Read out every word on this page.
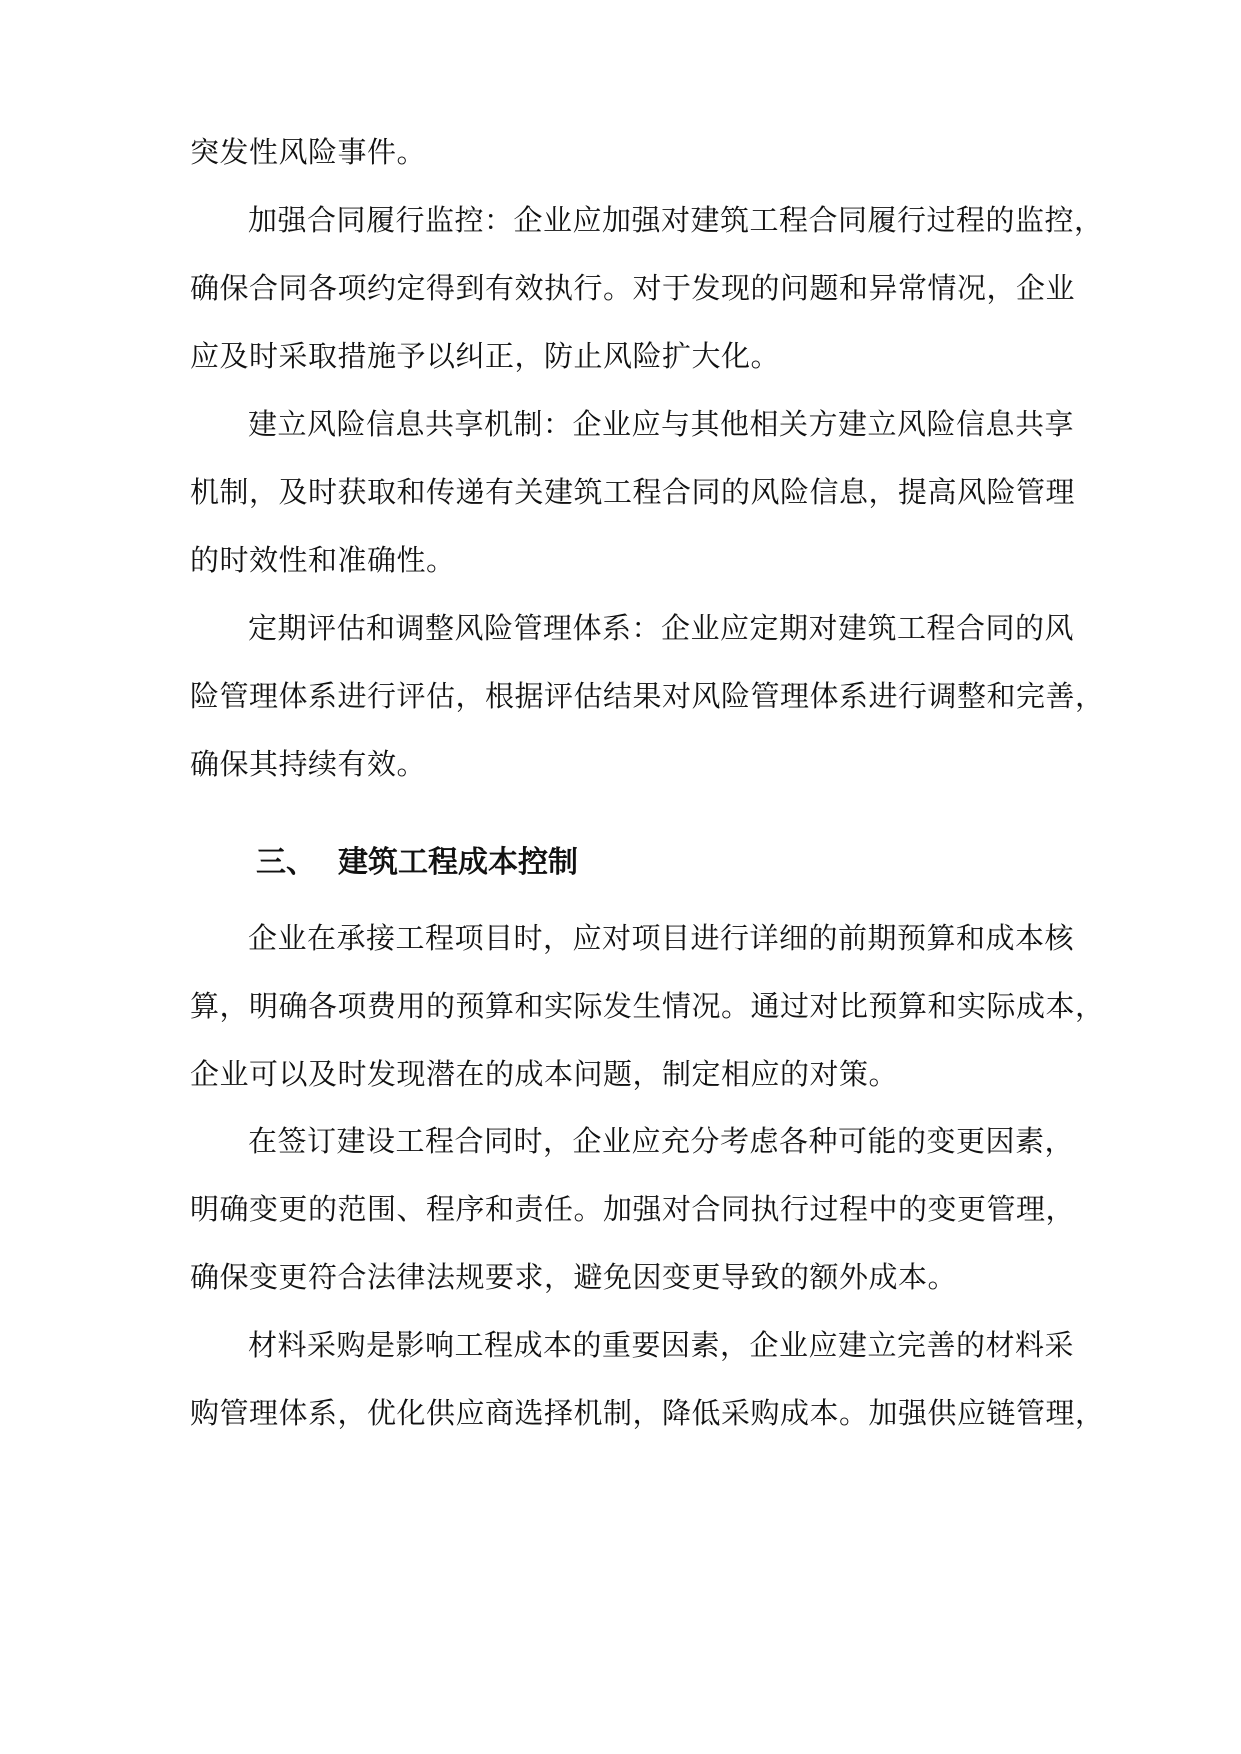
突发性风险事件。

加强合同履行监控：企业应加强对建筑工程合同履行过程的监控，

确保合同各项约定得到有效执行。对于发现的问题和异常情况，企业

应及时采取措施予以纠正，防止风险扩大化。

建立风险信息共享机制：企业应与其他相关方建立风险信息共享

机制，及时获取和传递有关建筑工程合同的风险信息，提高风险管理

的时效性和准确性。

定期评估和调整风险管理体系：企业应定期对建筑工程合同的风

险管理体系进行评估，根据评估结果对风险管理体系进行调整和完善，

确保其持续有效。

三、 建筑工程成本控制

企业在承接工程项目时，应对项目进行详细的前期预算和成本核

算，明确各项费用的预算和实际发生情况。通过对比预算和实际成本，

企业可以及时发现潜在的成本问题，制定相应的对策。

在签订建设工程合同时，企业应充分考虑各种可能的变更因素，

明确变更的范围、程序和责任。加强对合同执行过程中的变更管理，

确保变更符合法律法规要求，避免因变更导致的额外成本。

材料采购是影响工程成本的重要因素，企业应建立完善的材料采

购管理体系，优化供应商选择机制，降低采购成本。加强供应链管理，
